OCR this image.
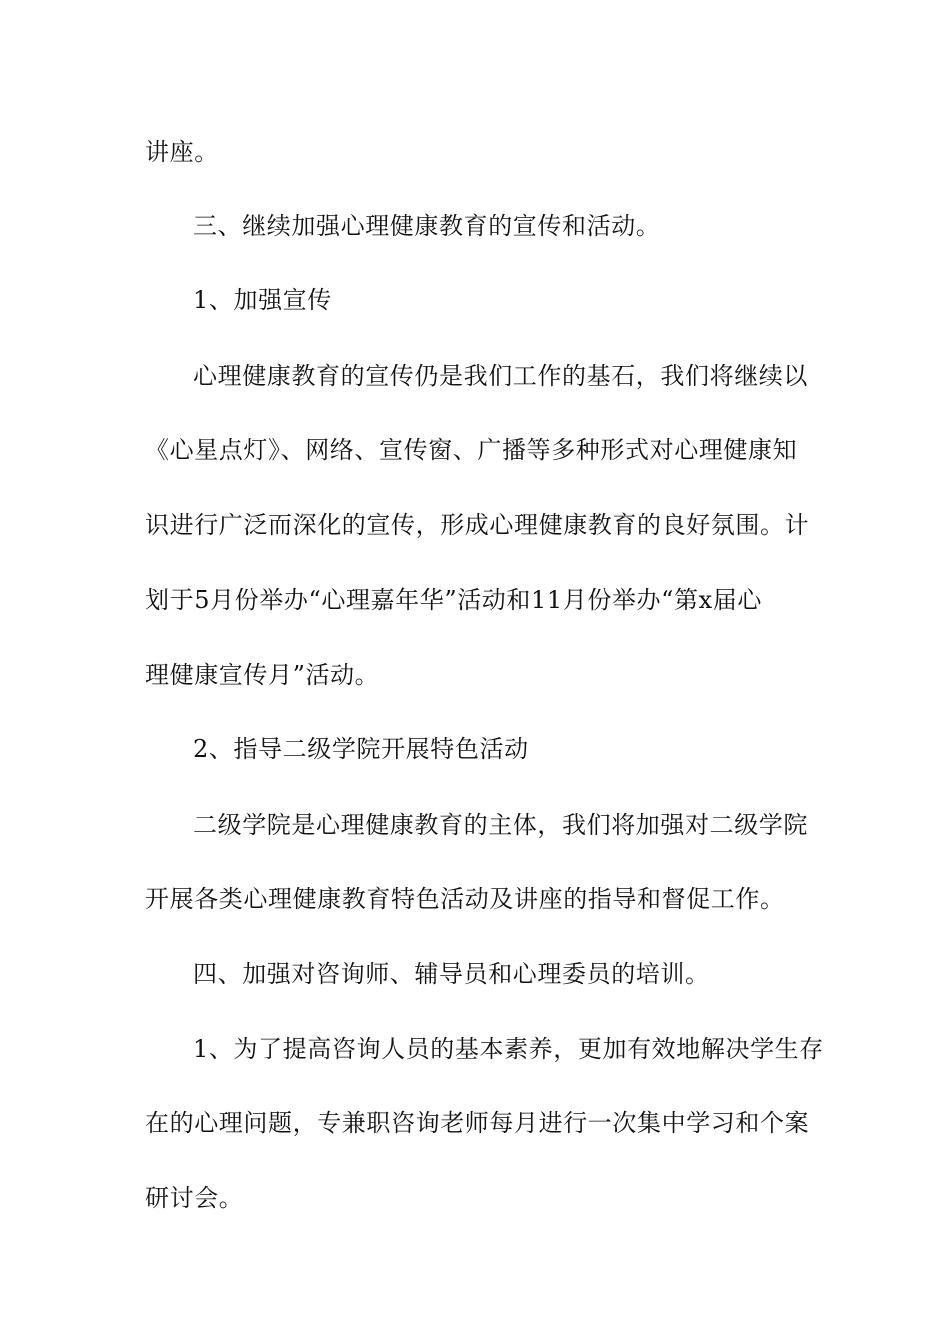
讲座。
三、继续加强心理健康教育的宣传和活动。
1、加强宣传
心理健康教育的宣传仍是我们工作的基石，我们将继续以
《心星点灯》、网络、宣传窗、广播等多种形式对心理健康知
识进行广泛而深化的宣传，形成心理健康教育的良好氛围。计
划于5月份举办“心理嘉年华”活动和11月份举办“第x届心
理健康宣传月”活动。
2、指导二级学院开展特色活动
二级学院是心理健康教育的主体，我们将加强对二级学院
开展各类心理健康教育特色活动及讲座的指导和督促工作。
四、加强对咨询师、辅导员和心理委员的培训。
1、为了提高咨询人员的基本素养，更加有效地解决学生存
在的心理问题，专兼职咨询老师每月进行一次集中学习和个案
研讨会。
